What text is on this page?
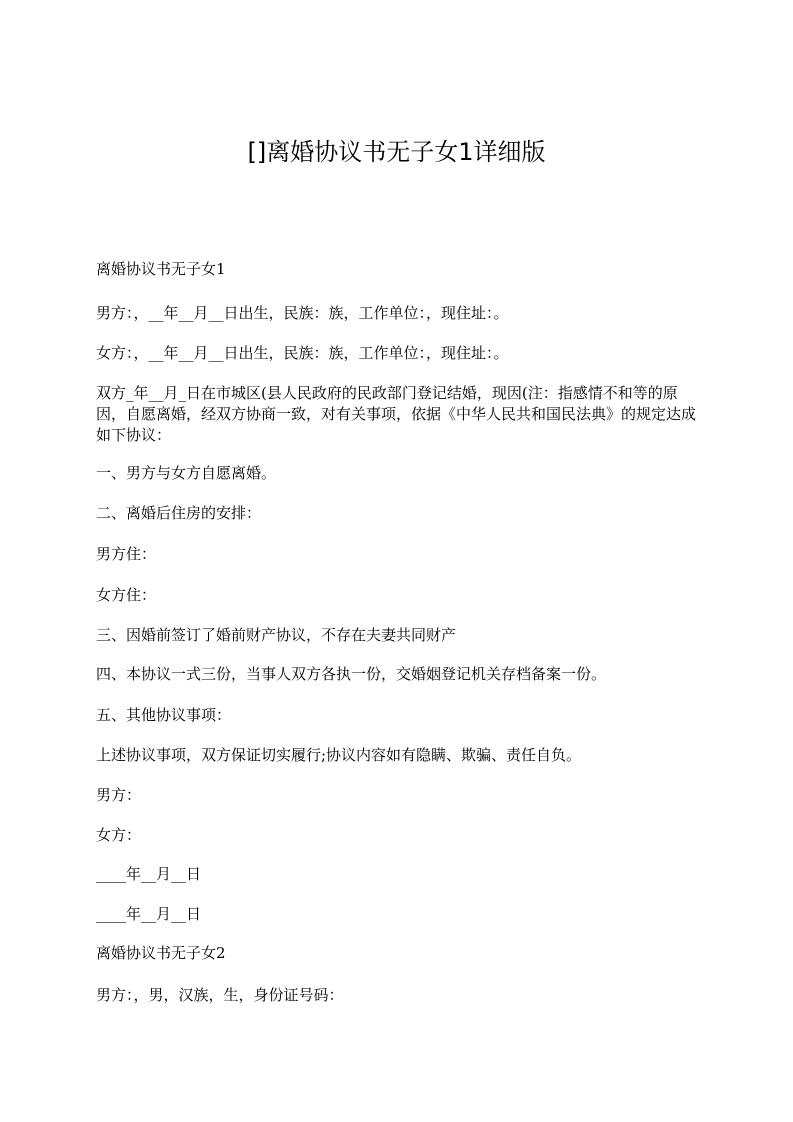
[]离婚协议书无子女1详细版

离婚协议书无子女1

男方：，__年__月__日出生，民族：族，工作单位：，现住址：。

女方：，__年__月__日出生，民族：族，工作单位：，现住址：。

双方_年__月_日在市城区(县人民政府的民政部门登记结婚，现因(注：指感情不和等的原因，自愿离婚，经双方协商一致，对有关事项，依据《中华人民共和国民法典》的规定达成如下协议：

一、男方与女方自愿离婚。

二、离婚后住房的安排：

男方住：

女方住：

三、因婚前签订了婚前财产协议，不存在夫妻共同财产

四、本协议一式三份，当事人双方各执一份，交婚姻登记机关存档备案一份。

五、其他协议事项：

上述协议事项，双方保证切实履行;协议内容如有隐瞒、欺骗、责任自负。

男方：

女方：

____年__月__日

____年__月__日

离婚协议书无子女2

男方：，男，汉族，生，身份证号码：
